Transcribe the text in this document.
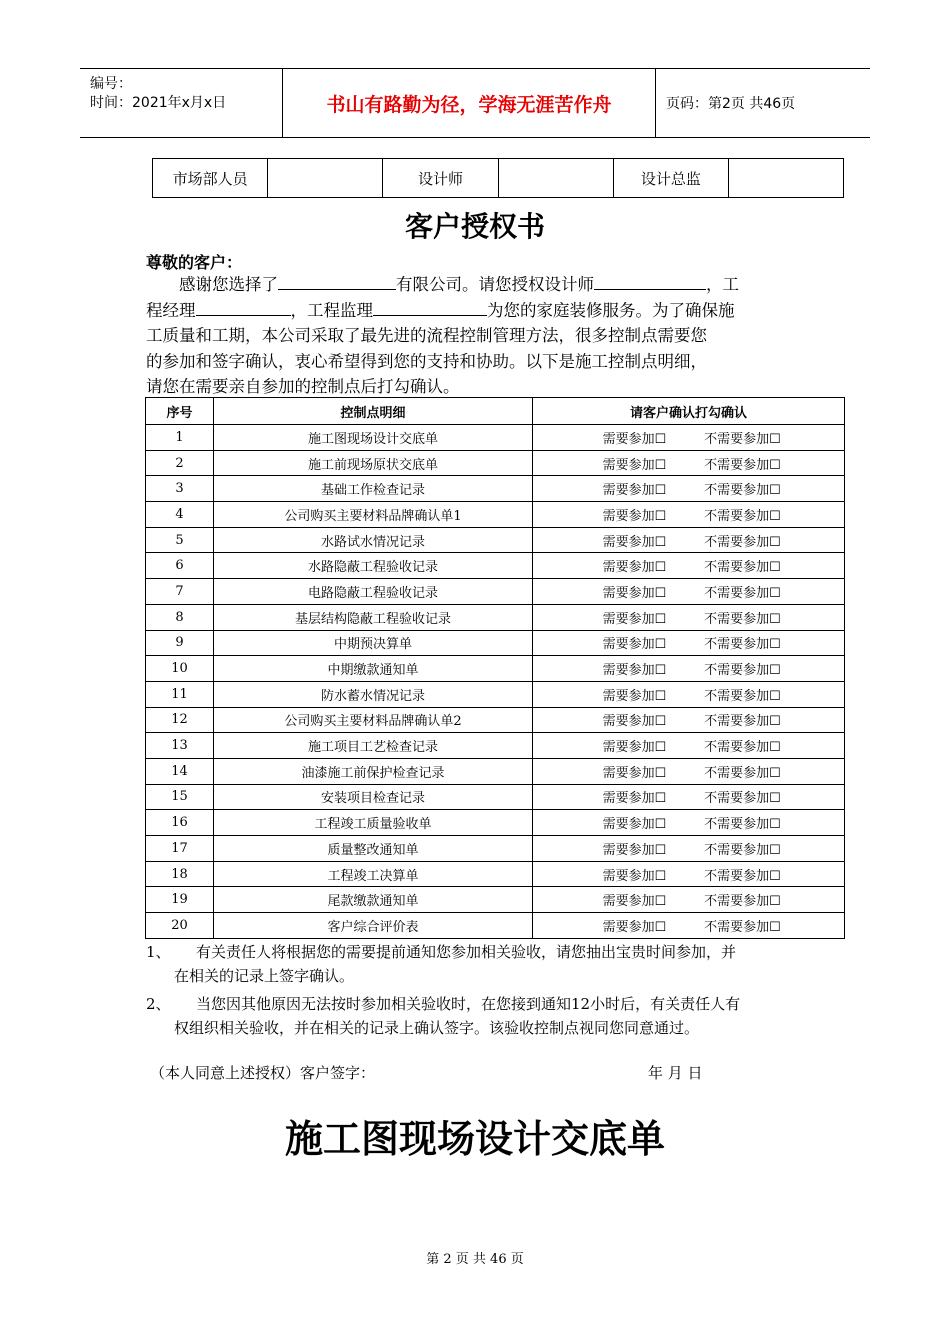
编号：
时间：2021年x月x日	书山有路勤为径，学海无涯苦作舟	页码：第2页 共46页
市场部人员		设计师		设计总监	
客户授权书
尊敬的客户：
感谢您选择了	有限公司。请您授权设计师	，工
程经理	，工程监理	为您的家庭装修服务。为了确保施
工质量和工期，本公司采取了最先进的流程控制管理方法，很多控制点需要您
的参加和签字确认，衷心希望得到您的支持和协助。以下是施工控制点明细，
请您在需要亲自参加的控制点后打勾确认。
序号	控制点明细	请客户确认打勾确认
1	施工图现场设计交底单	需要参加☐ 不需要参加☐
2	施工前现场原状交底单	需要参加☐ 不需要参加☐
3	基础工作检查记录	需要参加☐ 不需要参加☐
4	公司购买主要材料品牌确认单1	需要参加☐ 不需要参加☐
5	水路试水情况记录	需要参加☐ 不需要参加☐
6	水路隐蔽工程验收记录	需要参加☐ 不需要参加☐
7	电路隐蔽工程验收记录	需要参加☐ 不需要参加☐
8	基层结构隐蔽工程验收记录	需要参加☐ 不需要参加☐
9	中期预决算单	需要参加☐ 不需要参加☐
10	中期缴款通知单	需要参加☐ 不需要参加☐
11	防水蓄水情况记录	需要参加☐ 不需要参加☐
12	公司购买主要材料品牌确认单2	需要参加☐ 不需要参加☐
13	施工项目工艺检查记录	需要参加☐ 不需要参加☐
14	油漆施工前保护检查记录	需要参加☐ 不需要参加☐
15	安装项目检查记录	需要参加☐ 不需要参加☐
16	工程竣工质量验收单	需要参加☐ 不需要参加☐
17	质量整改通知单	需要参加☐ 不需要参加☐
18	工程竣工决算单	需要参加☐ 不需要参加☐
19	尾款缴款通知单	需要参加☐ 不需要参加☐
20	客户综合评价表	需要参加☐ 不需要参加☐
1、	有关责任人将根据您的需要提前通知您参加相关验收，请您抽出宝贵时间参加，并
在相关的记录上签字确认。
2、	当您因其他原因无法按时参加相关验收时，在您接到通知12小时后，有关责任人有
权组织相关验收，并在相关的记录上确认签字。该验收控制点视同您同意通过。
（本人同意上述授权）客户签字：	年 月 日
施工图现场设计交底单
第 2 页 共 46 页
